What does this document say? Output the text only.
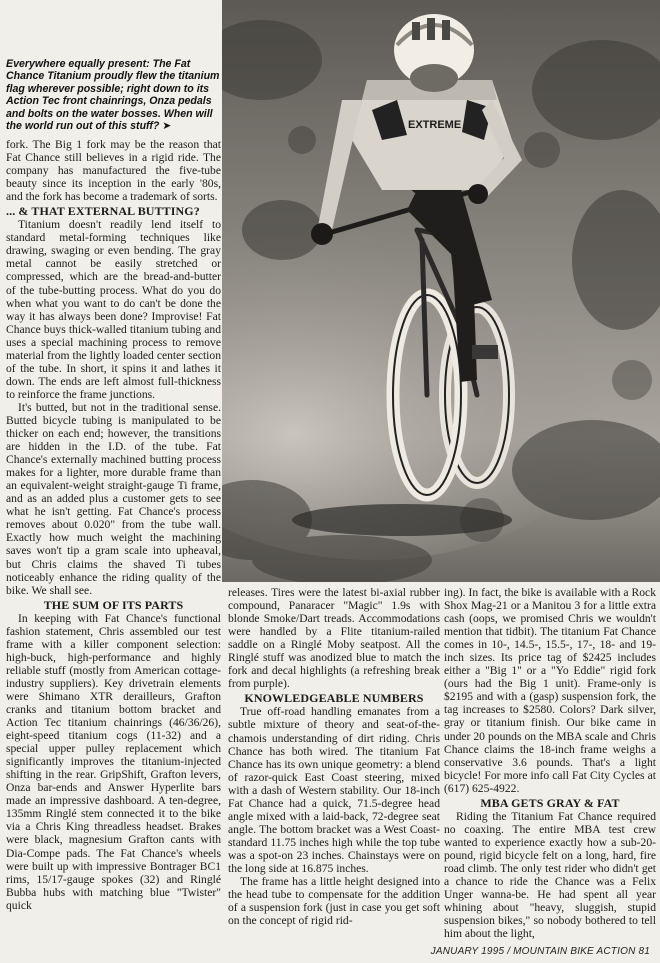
Everywhere equally present: The Fat Chance Titanium proudly flew the titanium flag wherever possible; right down to its Action Tec front chainrings, Onza pedals and bolts on the water bosses. When will the world run out of this stuff? ➤

fork. The Big 1 fork may be the reason that Fat Chance still believes in a rigid ride. The company has manufactured the five-tube beauty since its inception in the early '80s, and the fork has become a trademark of sorts.

... & THAT EXTERNAL BUTTING?

Titanium doesn't readily lend itself to standard metal-forming techniques like drawing, swaging or even bending. The gray metal cannot be easily stretched or compressed, which are the bread-and-butter of the tube-butting process. What do you do when what you want to do can't be done the way it has always been done? Improvise! Fat Chance buys thick-walled titanium tubing and uses a special machining process to remove material from the lightly loaded center section of the tube. In short, it spins it and lathes it down. The ends are left almost full-thickness to reinforce the frame junctions.

It's butted, but not in the traditional sense. Butted bicycle tubing is manipulated to be thicker on each end; however, the transitions are hidden in the I.D. of the tube. Fat Chance's externally machined butting process makes for a lighter, more durable frame than an equivalent-weight straight-gauge Ti frame, and as an added plus a customer gets to see what he isn't getting. Fat Chance's process removes about 0.020" from the tube wall. Exactly how much weight the machining saves won't tip a gram scale into upheaval, but Chris claims the shaved Ti tubes noticeably enhance the riding quality of the bike. We shall see.

THE SUM OF ITS PARTS

In keeping with Fat Chance's functional fashion statement, Chris assembled our test frame with a killer component selection: high-buck, high-performance and highly reliable stuff (mostly from American cottage-industry suppliers). Key drivetrain elements were Shimano XTR derailleurs, Grafton cranks and titanium bottom bracket and Action Tec titanium chainrings (46/36/26), eight-speed titanium cogs (11-32) and a special upper pulley replacement which significantly improves the titanium-injected shifting in the rear. GripShift, Grafton levers, Onza bar-ends and Answer Hyperlite bars made an impressive dashboard. A ten-degree, 135mm Ringlé stem connected it to the bike via a Chris King threadless headset. Brakes were black, magnesium Grafton cants with Dia-Compe pads. The Fat Chance's wheels were built up with impressive Bontrager BC1 rims, 15/17-gauge spokes (32) and Ringlé Bubba hubs with matching blue "Twister" quick

EXTREME

releases. Tires were the latest bi-axial rubber compound, Panaracer "Magic" 1.9s with blonde Smoke/Dart treads. Accommodations were handled by a Flite titanium-railed saddle on a Ringlé Moby seatpost. All the Ringlé stuff was anodized blue to match the fork and decal highlights (a refreshing break from purple).

KNOWLEDGEABLE NUMBERS

True off-road handling emanates from a subtle mixture of theory and seat-of-the-chamois understanding of dirt riding. Chris Chance has both wired. The titanium Fat Chance has its own unique geometry: a blend of razor-quick East Coast steering, mixed with a dash of Western stability. Our 18-inch Fat Chance had a quick, 71.5-degree head angle mixed with a laid-back, 72-degree seat angle. The bottom bracket was a West Coast-standard 11.75 inches high while the top tube was a spot-on 23 inches. Chainstays were on the long side at 16.875 inches.

The frame has a little height designed into the head tube to compensate for the addition of a suspension fork (just in case you get soft on the concept of rigid rid-

ing). In fact, the bike is available with a Rock Shox Mag-21 or a Manitou 3 for a little extra cash (oops, we promised Chris we wouldn't mention that tidbit). The titanium Fat Chance comes in 10-, 14.5-, 15.5-, 17-, 18- and 19-inch sizes. Its price tag of $2425 includes either a "Big 1" or a "Yo Eddie" rigid fork (ours had the Big 1 unit). Frame-only is $2195 and with a (gasp) suspension fork, the tag increases to $2580. Colors? Dark silver, gray or titanium finish. Our bike came in under 20 pounds on the MBA scale and Chris Chance claims the 18-inch frame weighs a conservative 3.6 pounds. That's a light bicycle! For more info call Fat City Cycles at (617) 625-4922.

MBA GETS GRAY & FAT

Riding the Titanium Fat Chance required no coaxing. The entire MBA test crew wanted to experience exactly how a sub-20-pound, rigid bicycle felt on a long, hard, fire road climb. The only test rider who didn't get a chance to ride the Chance was a Felix Unger wanna-be. He had spent all year whining about "heavy, sluggish, stupid suspension bikes," so nobody bothered to tell him about the light,

JANUARY 1995 / MOUNTAIN BIKE ACTION 81
